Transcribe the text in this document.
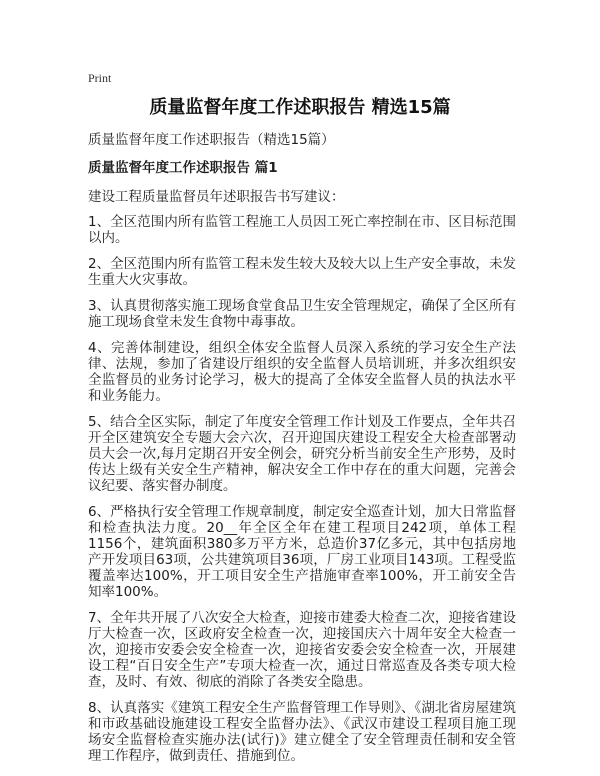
Print

质量监督年度工作述职报告 精选15篇

质量监督年度工作述职报告（精选15篇）

质量监督年度工作述职报告 篇1

建设工程质量监督员年述职报告书写建议：

1、全区范围内所有监管工程施工人员因工死亡率控制在市、区目标范围以内。

2、全区范围内所有监管工程未发生较大及较大以上生产安全事故，未发生重大火灾事故。

3、认真贯彻落实施工现场食堂食品卫生安全管理规定，确保了全区所有施工现场食堂未发生食物中毒事故。

4、完善体制建设，组织全体安全监督人员深入系统的学习安全生产法律、法规，参加了省建设厅组织的安全监督人员培训班，并多次组织安全监督员的业务讨论学习，极大的提高了全体安全监督人员的执法水平和业务能力。

5、结合全区实际，制定了年度安全管理工作计划及工作要点，全年共召开全区建筑安全专题大会六次，召开迎国庆建设工程安全大检查部署动员大会一次,每月定期召开安全例会，研究分析当前安全生产形势，及时传达上级有关安全生产精神，解决安全工作中存在的重大问题，完善会议纪要、落实督办制度。

6、严格执行安全管理工作规章制度，制定安全巡查计划，加大日常监督和检查执法力度。20__年全区全年在建工程项目242项，单体工程1156个，建筑面积380多万平方米，总造价37亿多元，其中包括房地产开发项目63项，公共建筑项目36项，厂房工业项目143项。工程受监覆盖率达100%，开工项目安全生产措施审查率100%，开工前安全告知率100%。

7、全年共开展了八次安全大检查，迎接市建委大检查二次，迎接省建设厅大检查一次，区政府安全检查一次，迎接国庆六十周年安全大检查一次，迎接市安委会安全检查一次，迎接省安委会安全检查一次，开展建设工程“百日安全生产”专项大检查一次，通过日常巡查及各类专项大检查，及时、有效、彻底的消除了各类安全隐患。

8、认真落实《建筑工程安全生产监督管理工作导则》、《湖北省房屋建筑和市政基础设施建设工程安全监督办法》、《武汉市建设工程项目施工现场安全监督检查实施办法(试行)》建立健全了安全管理责任制和安全管理工作程序，做到责任、措施到位。
